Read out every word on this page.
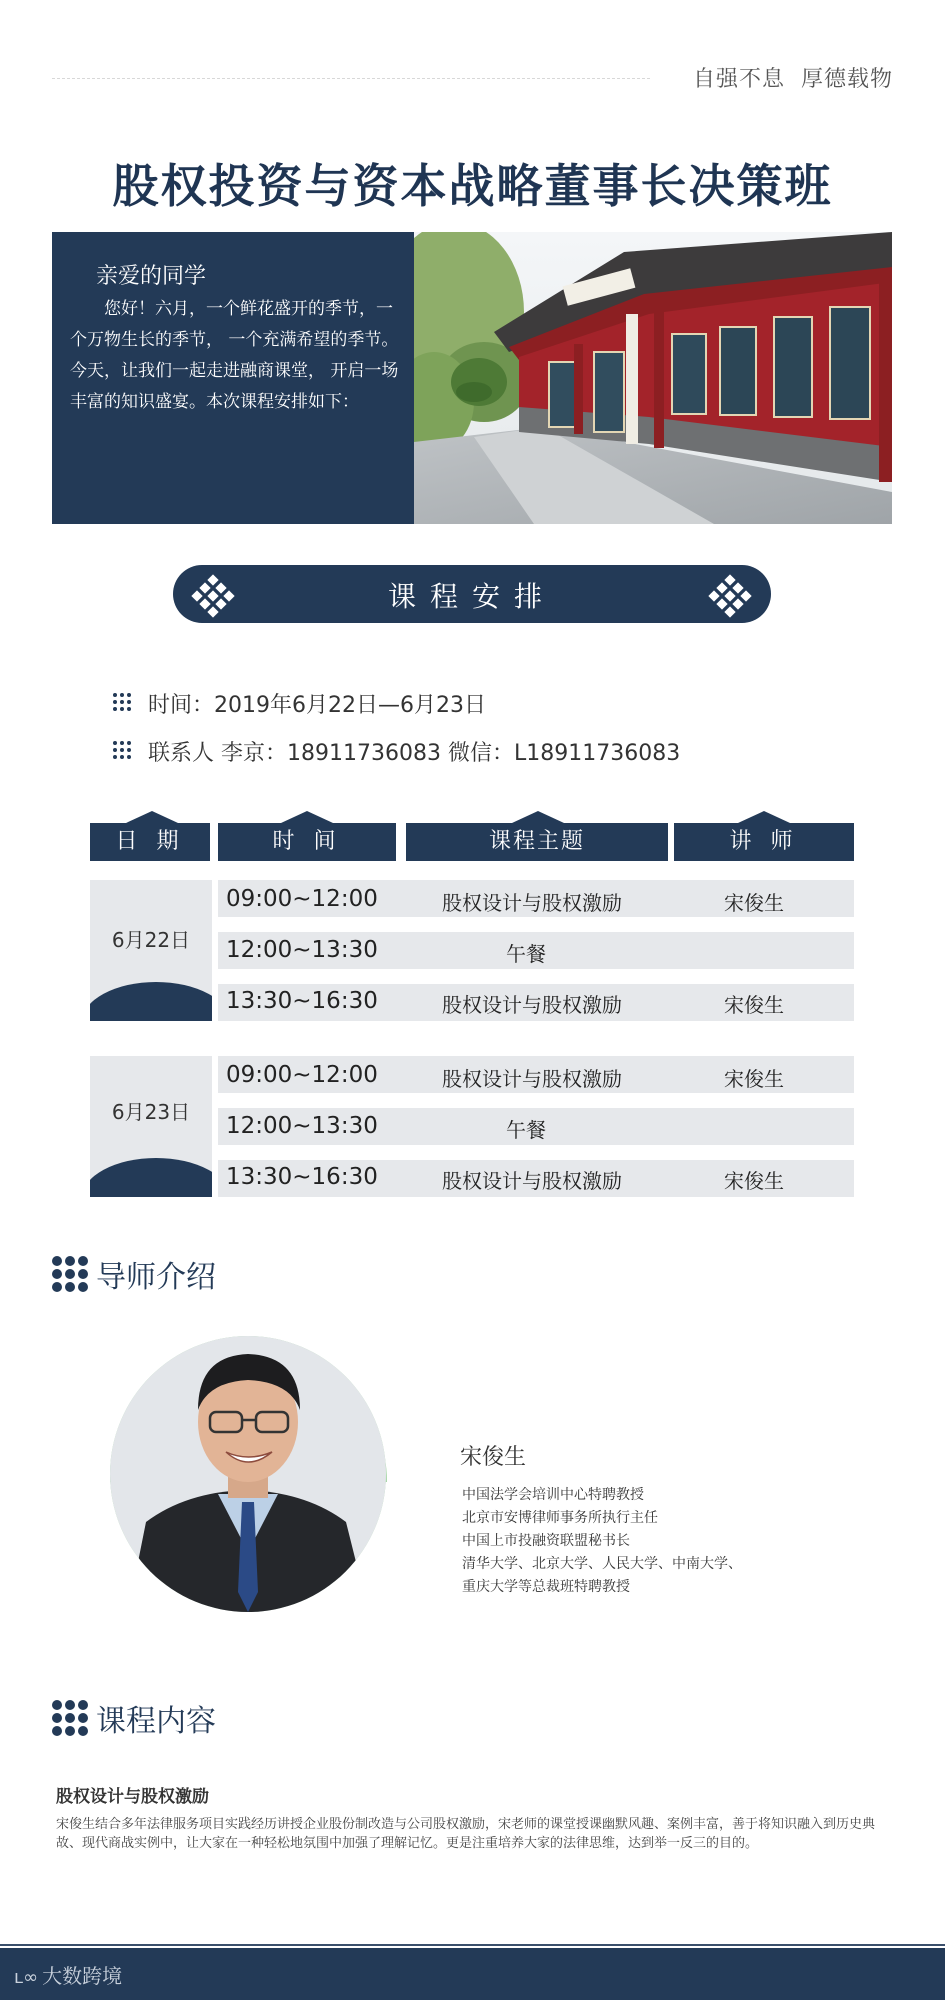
自强不息 厚德载物
股权投资与资本战略董事长决策班
亲爱的同学
您好！六月，一个鲜花盛开的季节，一个万物生长的季节， 一个充满希望的季节。 今天，让我们一起走进融商课堂， 开启一场丰富的知识盛宴。本次课程安排如下：
课程安排
时间：2019年6月22日—6月23日
联系人 李京：18911736083 微信：L18911736083
日 期	时 间	课程主题	讲 师
6月22日
09:00~12:00	股权设计与股权激励	宋俊生
12:00~13:30	午餐
13:30~16:30	股权设计与股权激励	宋俊生
6月23日
09:00~12:00	股权设计与股权激励	宋俊生
12:00~13:30	午餐
13:30~16:30	股权设计与股权激励	宋俊生
导师介绍
宋俊生
中国法学会培训中心特聘教授
北京市安博律师事务所执行主任
中国上市投融资联盟秘书长
清华大学、北京大学、人民大学、中南大学、
重庆大学等总裁班特聘教授
课程内容
股权设计与股权激励
宋俊生结合多年法律服务项目实践经历讲授企业股份制改造与公司股权激励，宋老师的课堂授课幽默风趣、案例丰富，善于将知识融入到历史典故、现代商战实例中，让大家在一种轻松地氛围中加强了理解记忆。更是注重培养大家的法律思维，达到举一反三的目的。
ʟ∞ 大数跨境
